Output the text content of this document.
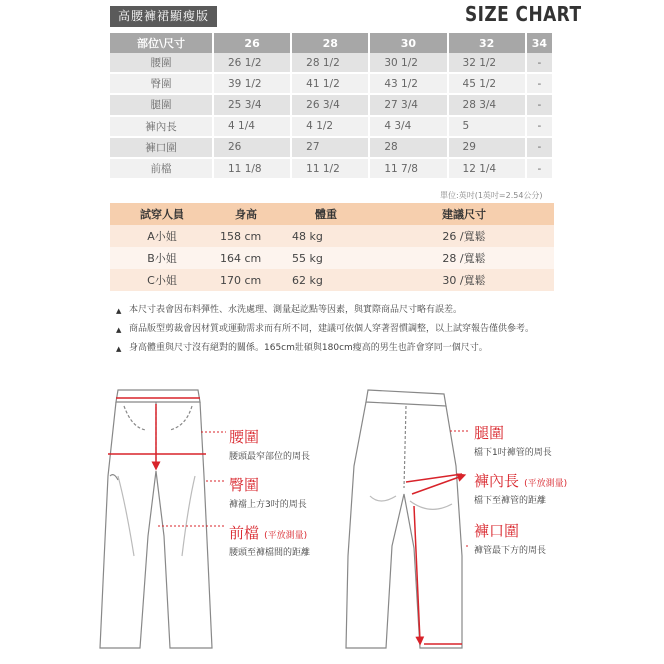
高腰褲裙顯瘦版	SIZE CHART
部位\尺寸	26	28	30	32	34
腰圍	26 1/2	28 1/2	30 1/2	32 1/2	-
臀圍	39 1/2	41 1/2	43 1/2	45 1/2	-
腿圍	25 3/4	26 3/4	27 3/4	28 3/4	-
褲內長	4 1/4	4 1/2	4 3/4	5	-
褲口圍	26	27	28	29	-
前檔	11 1/8	11 1/2	11 7/8	12 1/4	-
單位:英吋(1英吋=2.54公分)
試穿人員	身高	體重	建議尺寸
A小姐	158 cm	48 kg	26 /寬鬆
B小姐	164 cm	55 kg	28 /寬鬆
C小姐	170 cm	62 kg	30 /寬鬆
▲ 本尺寸表會因布料彈性、水洗處理、測量起訖點等因素，與實際商品尺寸略有誤差。
▲ 商品版型剪裁會因材質或運動需求而有所不同，建議可依個人穿著習慣調整，以上試穿報告僅供參考。
▲ 身高體重與尺寸沒有絕對的關係。165cm壯碩與180cm瘦高的男生也許會穿同一個尺寸。
腰圍
腰頭最窄部位的周長
臀圍
褲襠上方3吋的周長
前檔 (平放測量)
腰頭至褲檔間的距離
腿圍
檔下1吋褲管的周長
褲內長 (平放測量)
檔下至褲管的距離
褲口圍
褲管最下方的周長
